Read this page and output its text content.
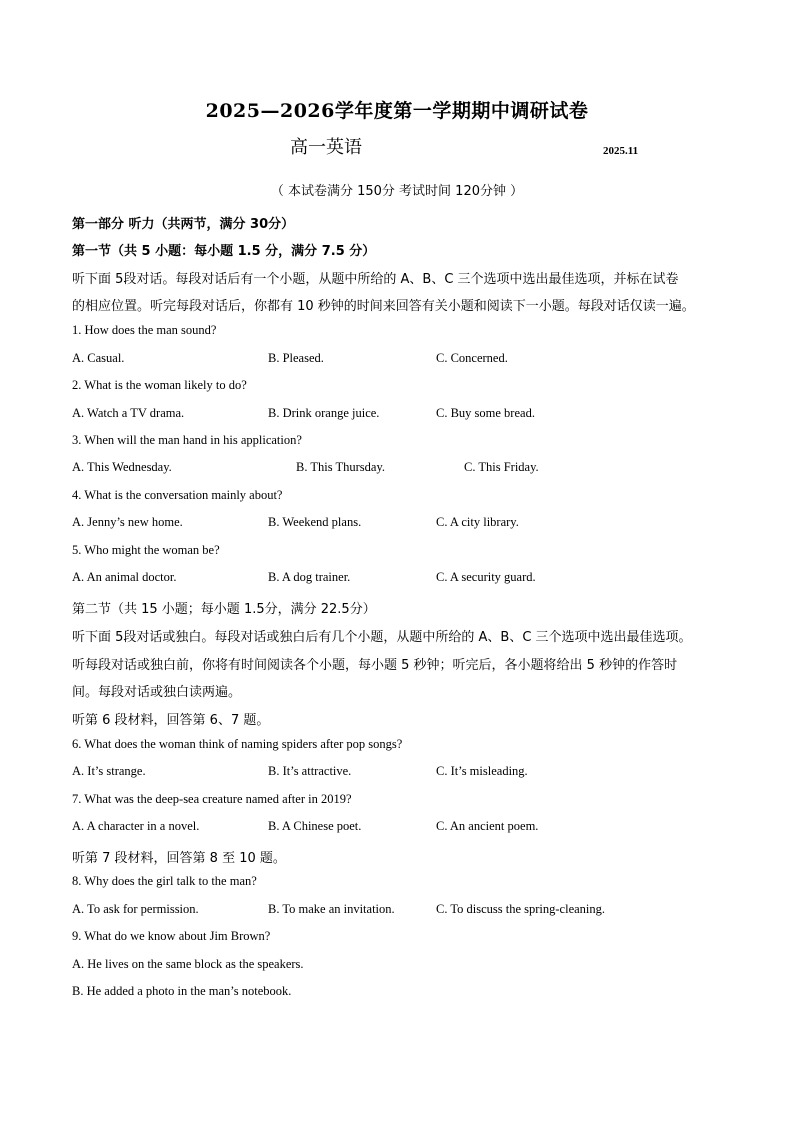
2025—2026学年度第一学期期中调研试卷
高一英语	2025.11
（ 本试卷满分 150分 考试时间 120分钟 ）
第一部分 听力（共两节，满分 30分）
第一节（共 5 小题：每小题 1.5 分，满分 7.5 分）
听下面 5段对话。每段对话后有一个小题，从题中所给的 A、B、C 三个选项中选出最佳选项，并标在试卷
的相应位置。听完每段对话后，你都有 10 秒钟的时间来回答有关小题和阅读下一小题。每段对话仅读一遍。
1. How does the man sound?
A. Casual.	B. Pleased.	C. Concerned.
2. What is the woman likely to do?
A. Watch a TV drama.	B. Drink orange juice.	C. Buy some bread.
3. When will the man hand in his application?
A. This Wednesday.	B. This Thursday.	C. This Friday.
4. What is the conversation mainly about?
A. Jenny’s new home.	B. Weekend plans.	C. A city library.
5. Who might the woman be?
A. An animal doctor.	B. A dog trainer.	C. A security guard.
第二节（共 15 小题；每小题 1.5分，满分 22.5分）
听下面 5段对话或独白。每段对话或独白后有几个小题，从题中所给的 A、B、C 三个选项中选出最佳选项。
听每段对话或独白前，你将有时间阅读各个小题，每小题 5 秒钟；听完后，各小题将给出 5 秒钟的作答时
间。每段对话或独白读两遍。
听第 6 段材料，回答第 6、7 题。
6. What does the woman think of naming spiders after pop songs?
A. It’s strange.	B. It’s attractive.	C. It’s misleading.
7. What was the deep-sea creature named after in 2019?
A. A character in a novel.	B. A Chinese poet.	C. An ancient poem.
听第 7 段材料，回答第 8 至 10 题。
8. Why does the girl talk to the man?
A. To ask for permission.	B. To make an invitation.	C. To discuss the spring-cleaning.
9. What do we know about Jim Brown?
A. He lives on the same block as the speakers.
B. He added a photo in the man’s notebook.
